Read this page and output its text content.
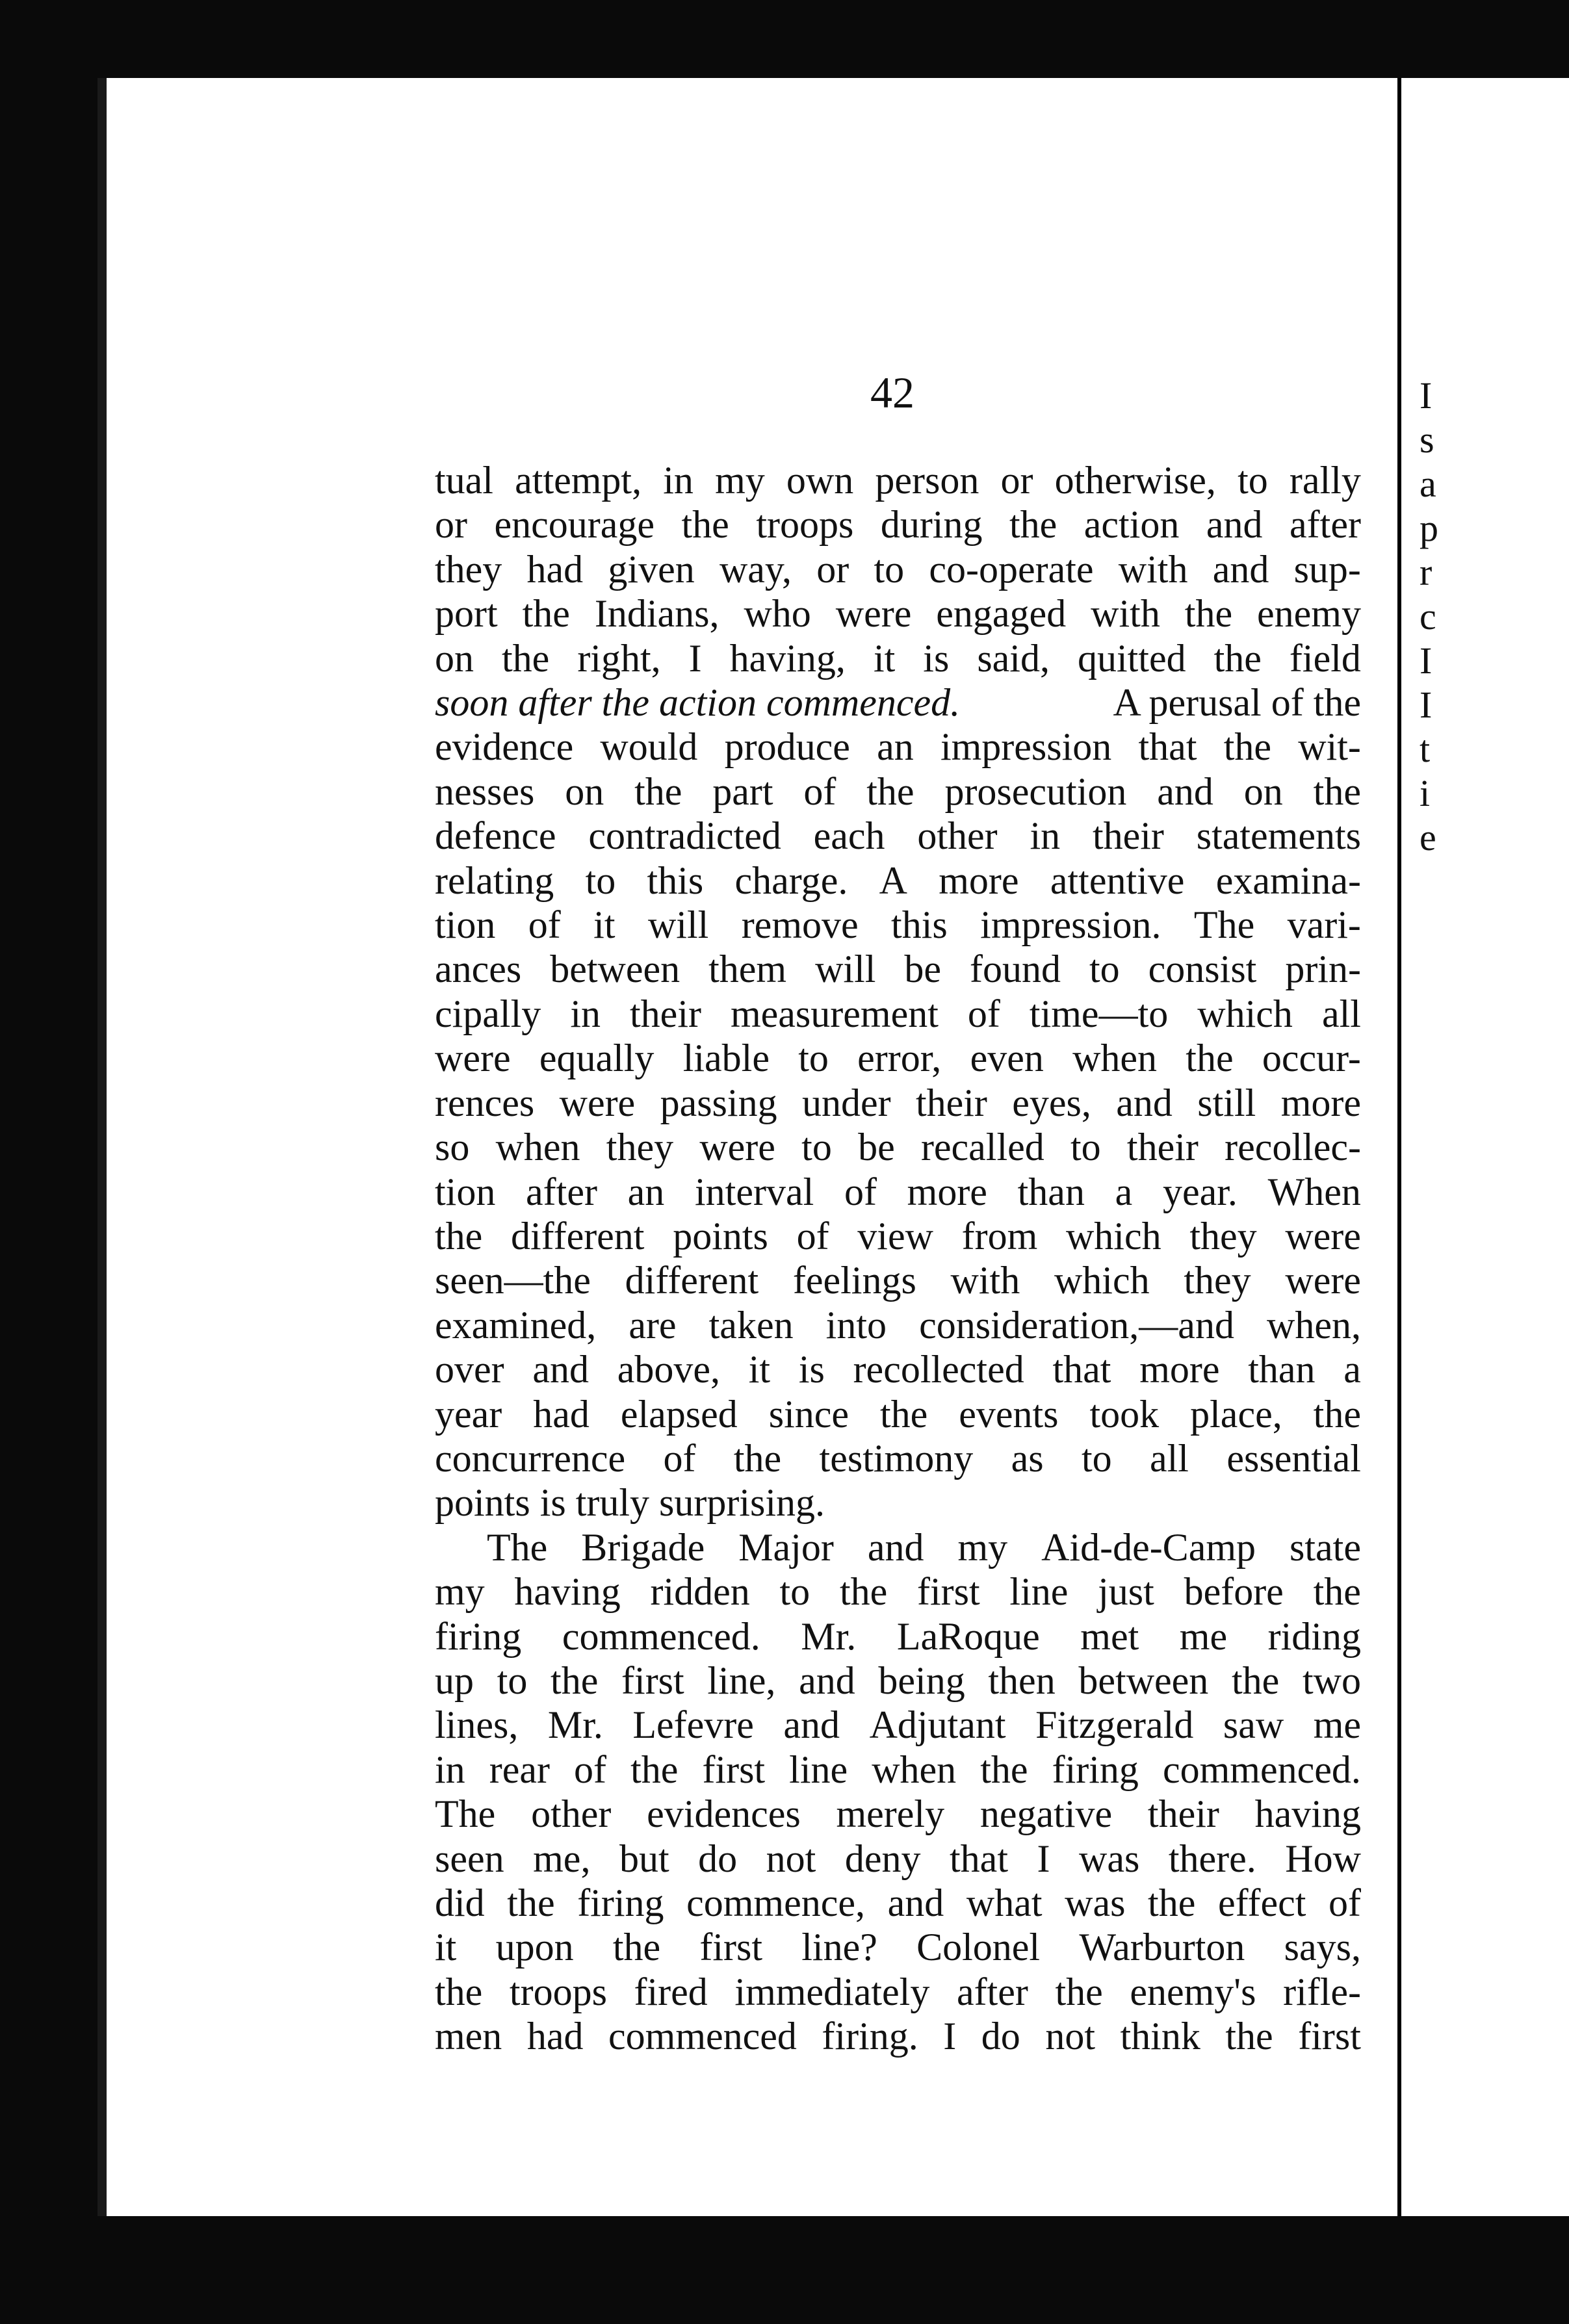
42
tual attempt, in my own person or otherwise, to rally
or encourage the troops during the action and after
they had given way, or to co-operate with and sup-
port the Indians, who were engaged with the enemy
on the right, I having, it is said, quitted the field
soon after the action commenced.	A perusal of the
evidence would produce an impression that the wit-
nesses on the part of the prosecution and on the
defence contradicted each other in their statements
relating to this charge. A more attentive examina-
tion of it will remove this impression. The vari-
ances between them will be found to consist prin-
cipally in their measurement of time—to which all
were equally liable to error, even when the occur-
rences were passing under their eyes, and still more
so when they were to be recalled to their recollec-
tion after an interval of more than a year. When
the different points of view from which they were
seen—the different feelings with which they were
examined, are taken into consideration,—and when,
over and above, it is recollected that more than a
year had elapsed since the events took place, the
concurrence of the testimony as to all essential
points is truly surprising.
The Brigade Major and my Aid-de-Camp state
my having ridden to the first line just before the
firing commenced. Mr. LaRoque met me riding
up to the first line, and being then between the two
lines, Mr. Lefevre and Adjutant Fitzgerald saw me
in rear of the first line when the firing commenced.
The other evidences merely negative their having
seen me, but do not deny that I was there. How
did the firing commence, and what was the effect of
it upon the first line? Colonel Warburton says,
the troops fired immediately after the enemy's rifle-
men had commenced firing. I do not think the first
I
s
a
p
r
c
I
I
t
i
e
